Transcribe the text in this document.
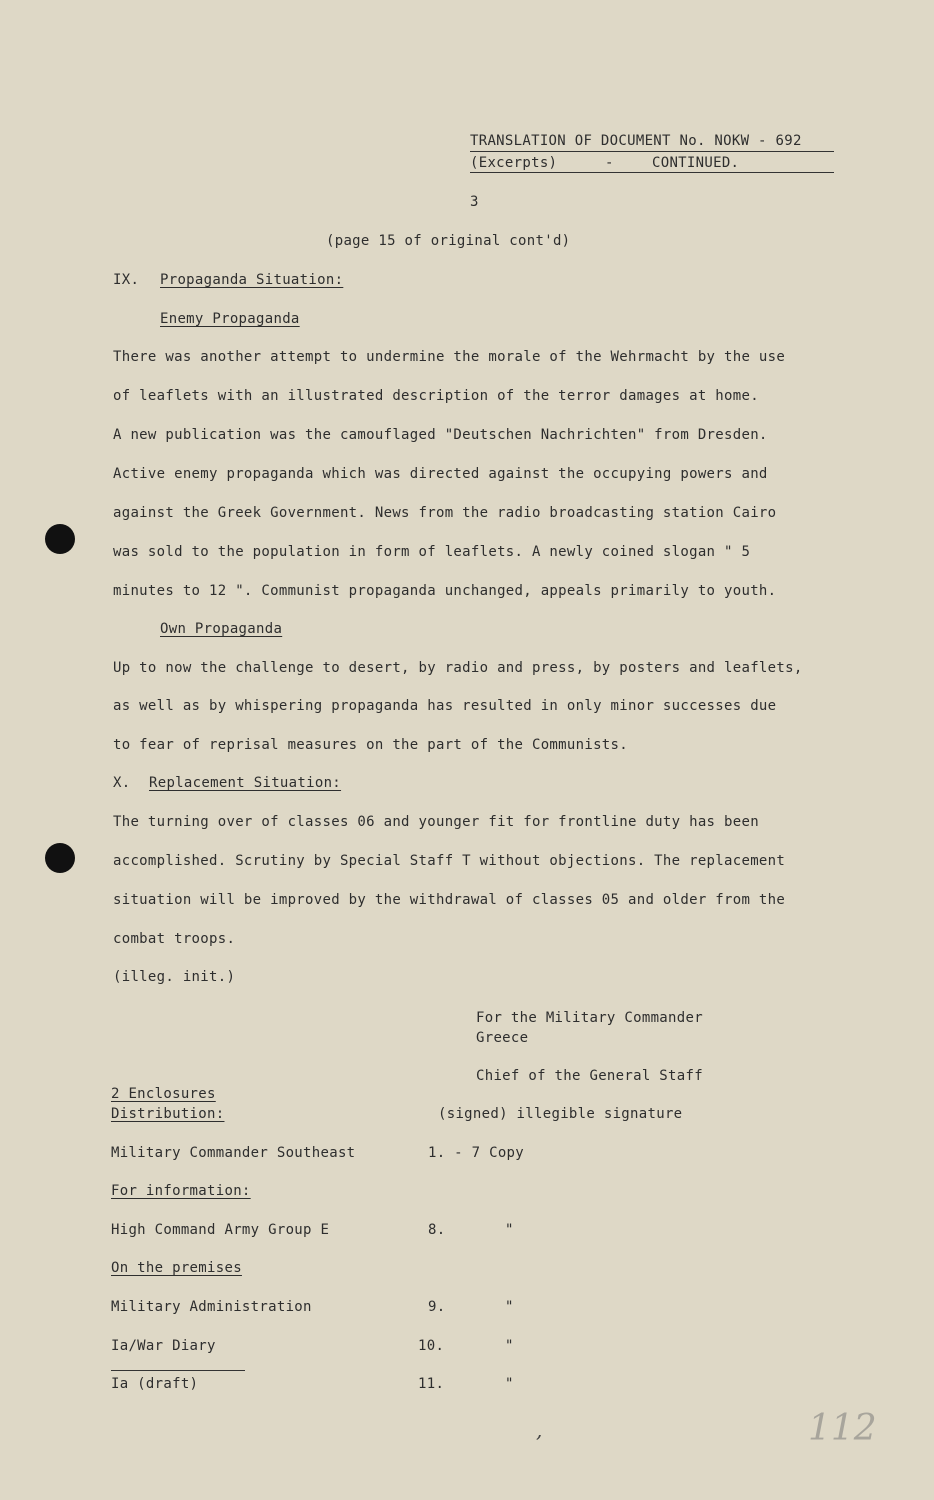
TRANSLATION OF DOCUMENT No. NOKW - 692
(Excerpts)	-	CONTINUED.
3
(page 15 of original cont'd)
IX. Propaganda Situation:
Enemy Propaganda
There was another attempt to undermine the morale of the Wehrmacht by the use
of leaflets with an illustrated description of the terror damages at home.
A new publication was the camouflaged "Deutschen Nachrichten" from Dresden.
Active enemy propaganda which was directed against the occupying powers and
against the Greek Government. News from the radio broadcasting station Cairo
was sold to the population in form of leaflets. A newly coined slogan " 5
minutes to 12 ". Communist propaganda unchanged, appeals primarily to youth.
Own Propaganda
Up to now the challenge to desert, by radio and press, by posters and leaflets,
as well as by whispering propaganda has resulted in only minor successes due
to fear of reprisal measures on the part of the Communists.
X. Replacement Situation:
The turning over of classes 06 and younger fit for frontline duty has been
accomplished. Scrutiny by Special Staff T without objections. The replacement
situation will be improved by the withdrawal of classes 05 and older from the
combat troops.
(illeg. init.)
For the Military Commander
Greece
Chief of the General Staff
(signed) illegible signature
2 Enclosures
Distribution:
Military Commander Southeast	1. - 7 Copy
For information:
High Command Army Group E	8.	"
On the premises
Military Administration	9.	"
Ia/War Diary	10.	"
Ia (draft)	11.	"
,	112
